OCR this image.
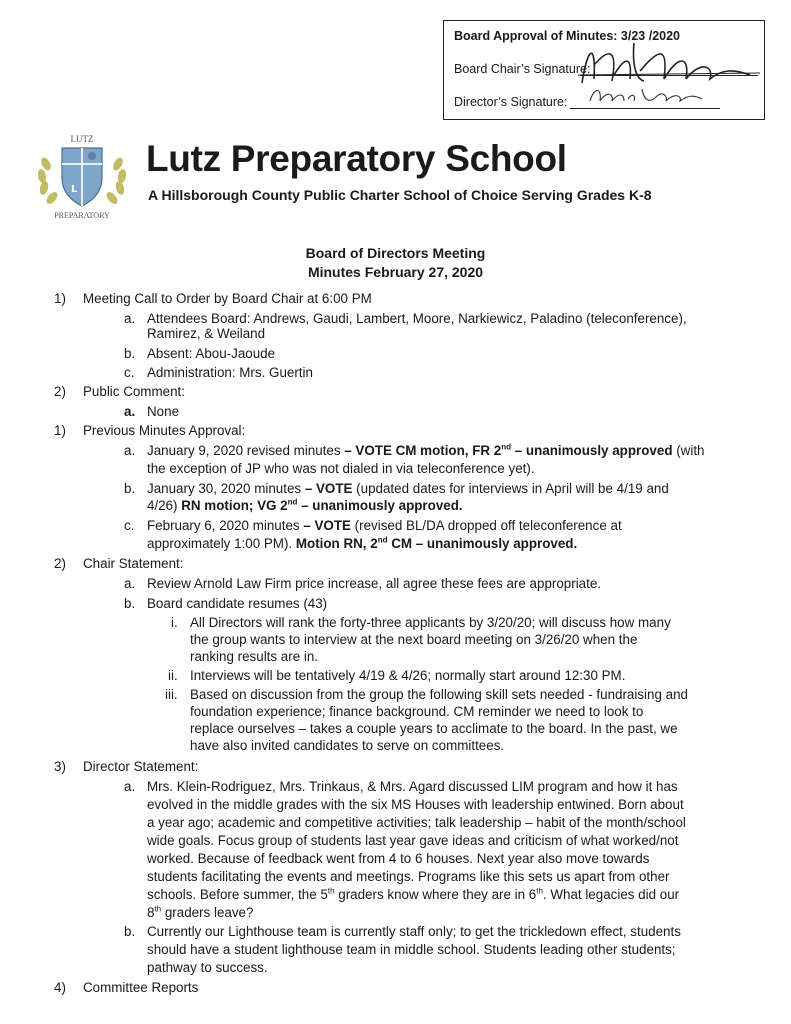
Board Approval of Minutes: 3/23 /2020
Board Chair’s Signature:
Director’s Signature:
L
LUTZ
PREPARATORY
Lutz Preparatory School
A Hillsborough County Public Charter School of Choice Serving Grades K-8
Board of Directors Meeting
Minutes February 27, 2020
1) Meeting Call to Order by Board Chair at 6:00 PM
a. Attendees Board: Andrews, Gaudi, Lambert, Moore, Narkiewicz, Paladino (teleconference),
Ramirez, & Weiland
b. Absent: Abou-Jaoude
c. Administration: Mrs. Guertin
2) Public Comment:
a. None
1) Previous Minutes Approval:
a. January 9, 2020 revised minutes – VOTE CM motion, FR 2nd – unanimously approved (with
the exception of JP who was not dialed in via teleconference yet).
b. January 30, 2020 minutes – VOTE (updated dates for interviews in April will be 4/19 and
4/26) RN motion; VG 2nd – unanimously approved.
c. February 6, 2020 minutes – VOTE (revised BL/DA dropped off teleconference at
approximately 1:00 PM). Motion RN, 2nd CM – unanimously approved.
2) Chair Statement:
a. Review Arnold Law Firm price increase, all agree these fees are appropriate.
b. Board candidate resumes (43)
i. All Directors will rank the forty-three applicants by 3/20/20; will discuss how many
the group wants to interview at the next board meeting on 3/26/20 when the
ranking results are in.
ii. Interviews will be tentatively 4/19 & 4/26; normally start around 12:30 PM.
iii. Based on discussion from the group the following skill sets needed - fundraising and
foundation experience; finance background. CM reminder we need to look to
replace ourselves – takes a couple years to acclimate to the board. In the past, we
have also invited candidates to serve on committees.
3) Director Statement:
a. Mrs. Klein-Rodriguez, Mrs. Trinkaus, & Mrs. Agard discussed LIM program and how it has
evolved in the middle grades with the six MS Houses with leadership entwined. Born about
a year ago; academic and competitive activities; talk leadership – habit of the month/school
wide goals. Focus group of students last year gave ideas and criticism of what worked/not
worked. Because of feedback went from 4 to 6 houses. Next year also move towards
students facilitating the events and meetings. Programs like this sets us apart from other
schools. Before summer, the 5th graders know where they are in 6th. What legacies did our
8th graders leave?
b. Currently our Lighthouse team is currently staff only; to get the trickledown effect, students
should have a student lighthouse team in middle school. Students leading other students;
pathway to success.
4) Committee Reports
